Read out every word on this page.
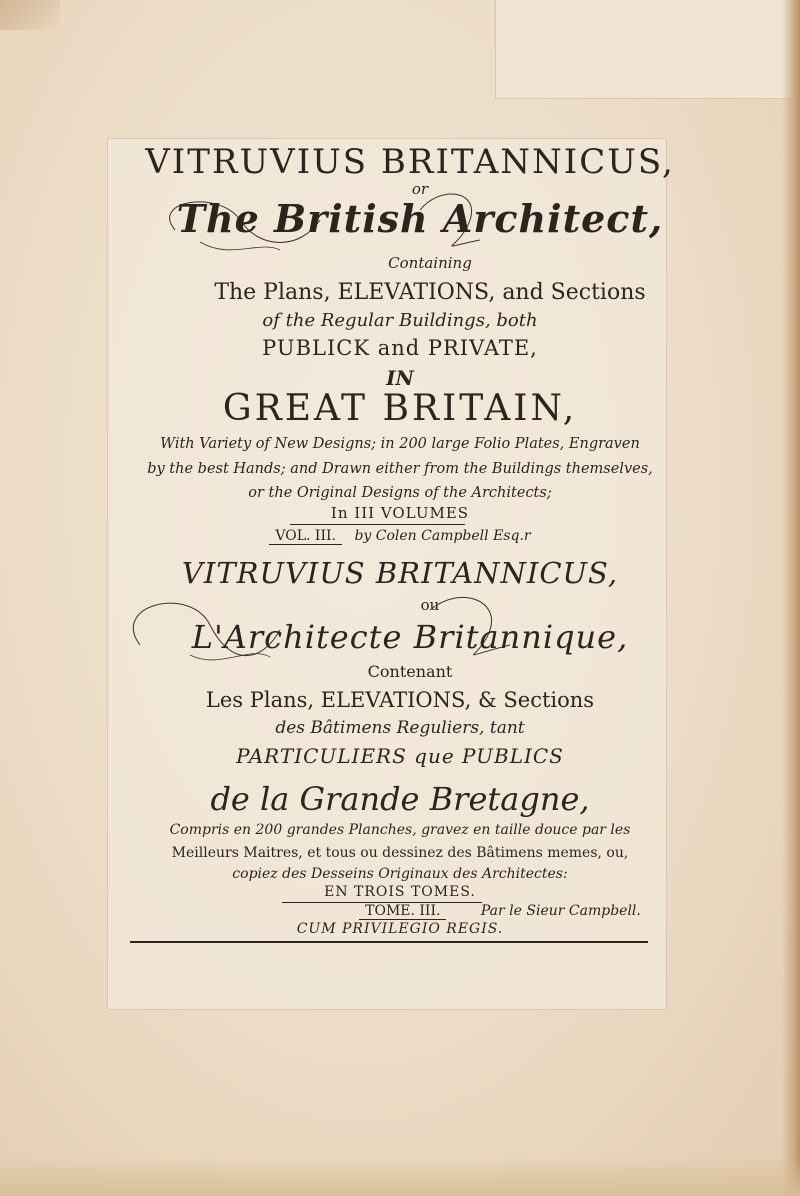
VITRUVIUS BRITANNICUS,
or
The British Architect,
Containing
The Plans, ELEVATIONS, and Sections
of the Regular Buildings, both
PUBLICK and PRIVATE,
IN
GREAT BRITAIN,
With Variety of New Designs; in 200 large Folio Plates, Engraven
by the best Hands; and Drawn either from the Buildings themselves,
or the Original Designs of the Architects;
In III VOLUMES
VOL. III. by Colen Campbell Esq.r
VITRUVIUS BRITANNICUS,
ou
L'Architecte Britannique,
Contenant
Les Plans, ELEVATIONS, & Sections
des Bâtimens Reguliers, tant
PARTICULIERS que PUBLICS
de la Grande Bretagne,
Compris en 200 grandes Planches, gravez en taille douce par les
Meilleurs Maitres, et tous ou dessinez des Bâtimens memes, ou,
copiez des Desseins Originaux des Architectes:
EN TROIS TOMES.
TOME. III.	Par le Sieur Campbell.
CUM PRIVILEGIO REGIS.
